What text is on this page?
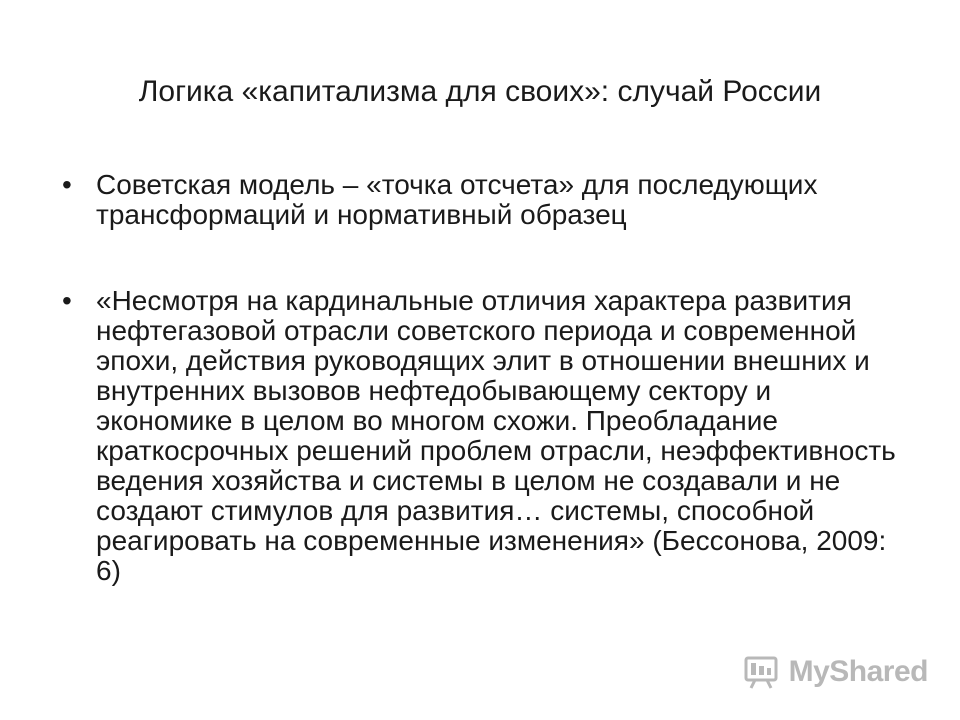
Логика «капитализма для своих»: случай России
• Советская модель – «точка отсчета» для последующих трансформаций и нормативный образец
• «Несмотря на кардинальные отличия характера развития нефтегазовой отрасли советского периода и современной эпохи, действия руководящих элит в отношении внешних и внутренних вызовов нефтедобывающему сектору и экономике в целом во многом схожи. Преобладание краткосрочных решений проблем отрасли, неэффективность ведения хозяйства и системы в целом не создавали и не создают стимулов для развития… системы, способной реагировать на современные изменения» (Бессонова, 2009: 6)
MyShared
